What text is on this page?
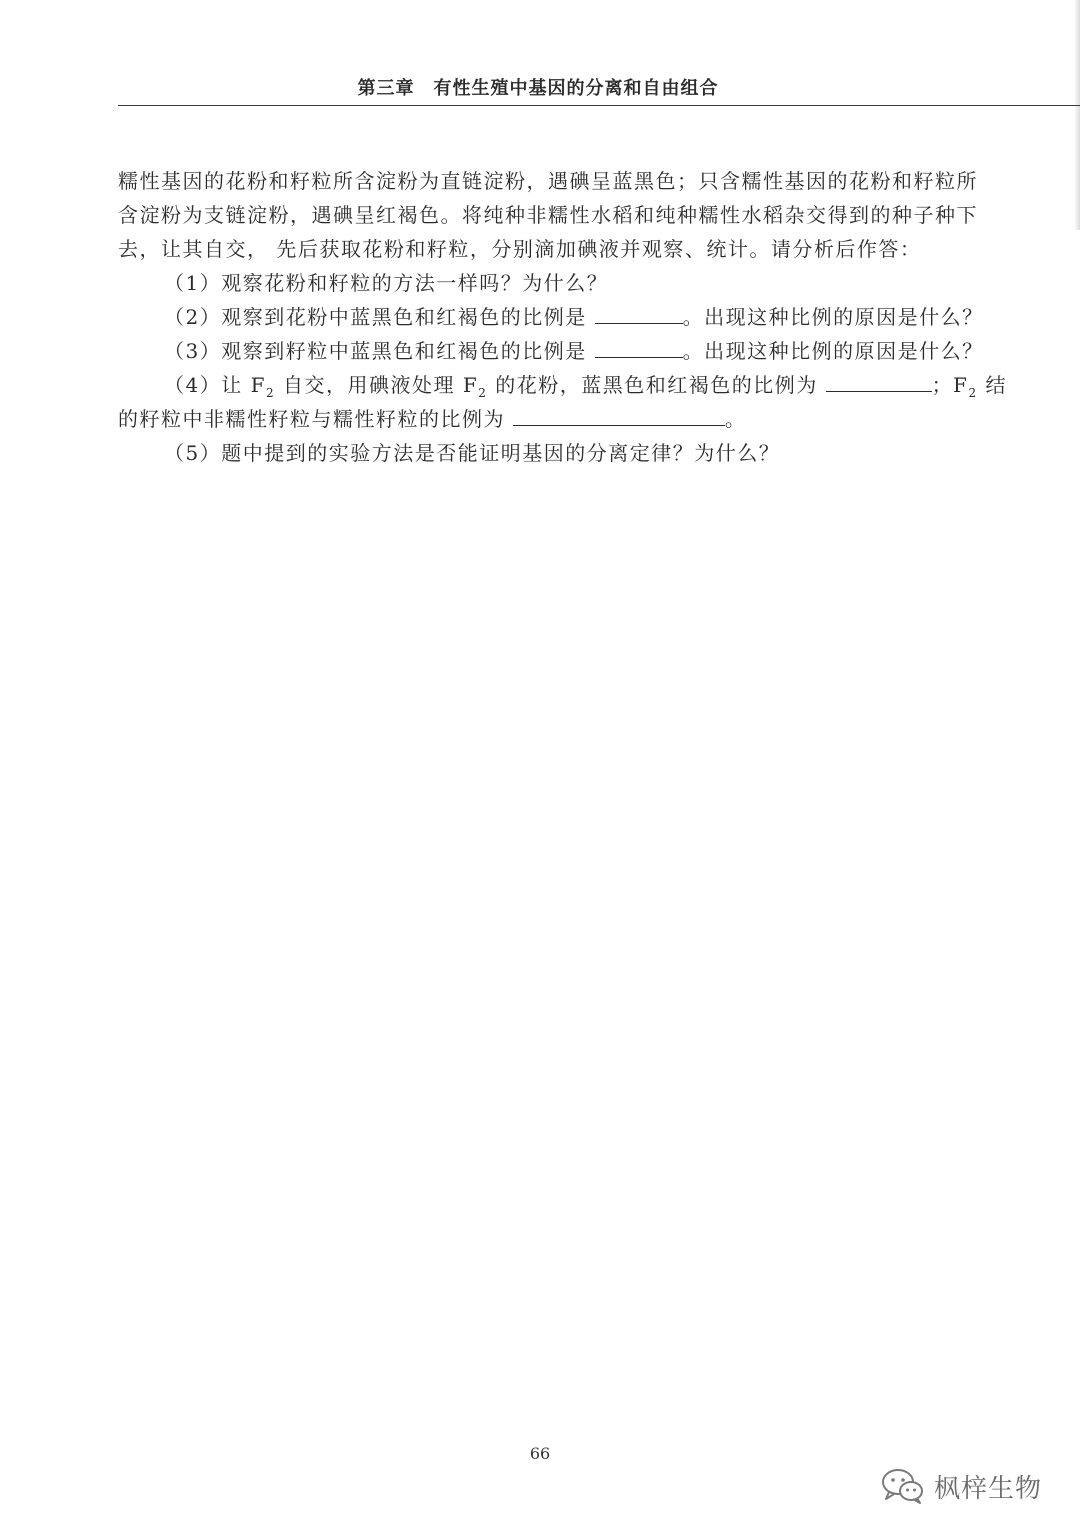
第三章　有性生殖中基因的分离和自由组合
糯性基因的花粉和籽粒所含淀粉为直链淀粉，遇碘呈蓝黑色；只含糯性基因的花粉和籽粒所
含淀粉为支链淀粉，遇碘呈红褐色。将纯种非糯性水稻和纯种糯性水稻杂交得到的种子种下
去，让其自交， 先后获取花粉和籽粒，分别滴加碘液并观察、统计。请分析后作答：
（1）观察花粉和籽粒的方法一样吗？为什么？
（2）观察到花粉中蓝黑色和红褐色的比例是	。出现这种比例的原因是什么？
（3）观察到籽粒中蓝黑色和红褐色的比例是	。出现这种比例的原因是什么？
（4）让 $F_2$ 自交，用碘液处理 $F_2$ 的花粉，蓝黑色和红褐色的比例为	；$F_2$ 结
的籽粒中非糯性籽粒与糯性籽粒的比例为	。
（5）题中提到的实验方法是否能证明基因的分离定律？为什么？
66
枫梓生物
